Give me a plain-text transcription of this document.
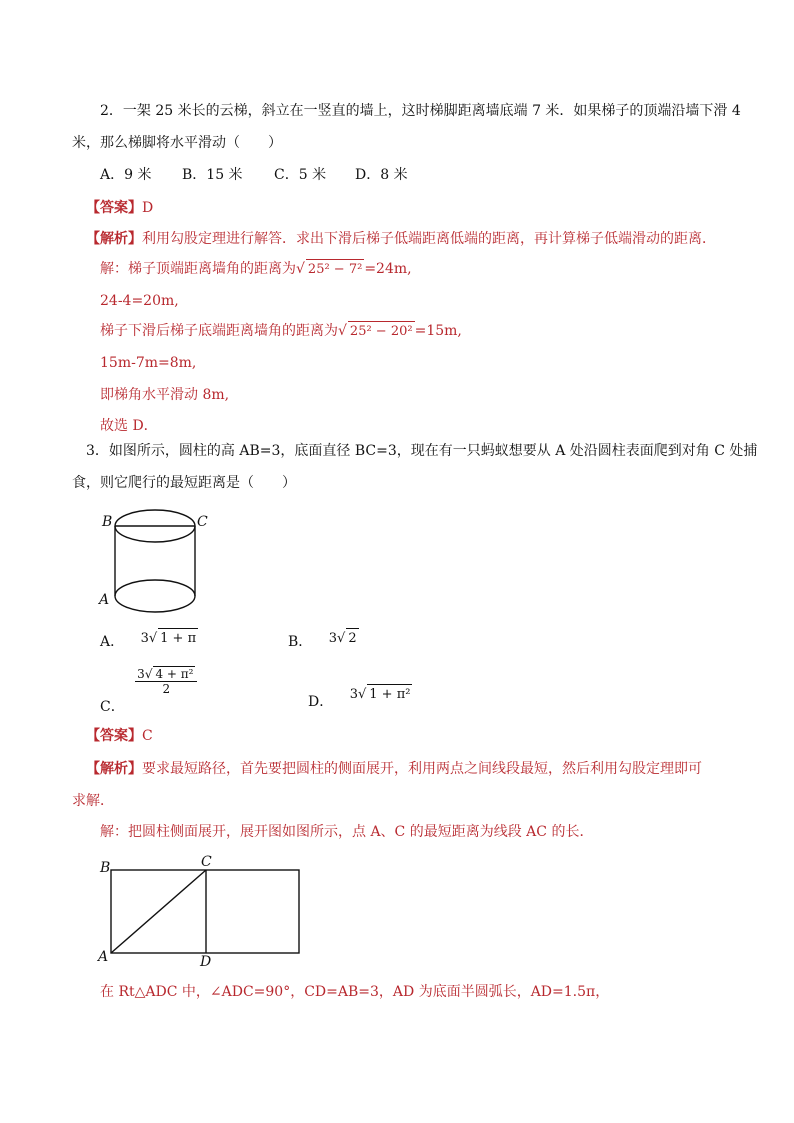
2．一架 25 米长的云梯，斜立在一竖直的墙上，这时梯脚距离墙底端 7 米．如果梯子的顶端沿墙下滑 4
米，那么梯脚将水平滑动（　　）
A．9 米 B．15 米 C．5 米 D．8 米
【答案】D
【解析】利用勾股定理进行解答．求出下滑后梯子低端距离低端的距离，再计算梯子低端滑动的距离．
解：梯子顶端距离墙角的距离为√ 25² − 7² =24m,
24-4=20m,
梯子下滑后梯子底端距离墙角的距离为√ 25² − 20² =15m,
15m-7m=8m,
即梯角水平滑动 8m,
故选 D．
3．如图所示，圆柱的高 AB=3，底面直径 BC=3，现在有一只蚂蚁想要从 A 处沿圆柱表面爬到对角 C 处捕
食，则它爬行的最短距离是（　　）
B	C
A
A． 3√ 1 + π	B． 3√ 2
C．
$\frac{\text{3√ 4 + π²}}{2}$
D． 3√ 1 + π²
【答案】C
【解析】要求最短路径，首先要把圆柱的侧面展开，利用两点之间线段最短，然后利用勾股定理即可
求解．
解：把圆柱侧面展开，展开图如图所示，点 A、C 的最短距离为线段 AC 的长．
B	C
A	D
在 Rt△ADC 中，∠ADC=90°，CD=AB=3，AD 为底面半圆弧长，AD=1.5π，
